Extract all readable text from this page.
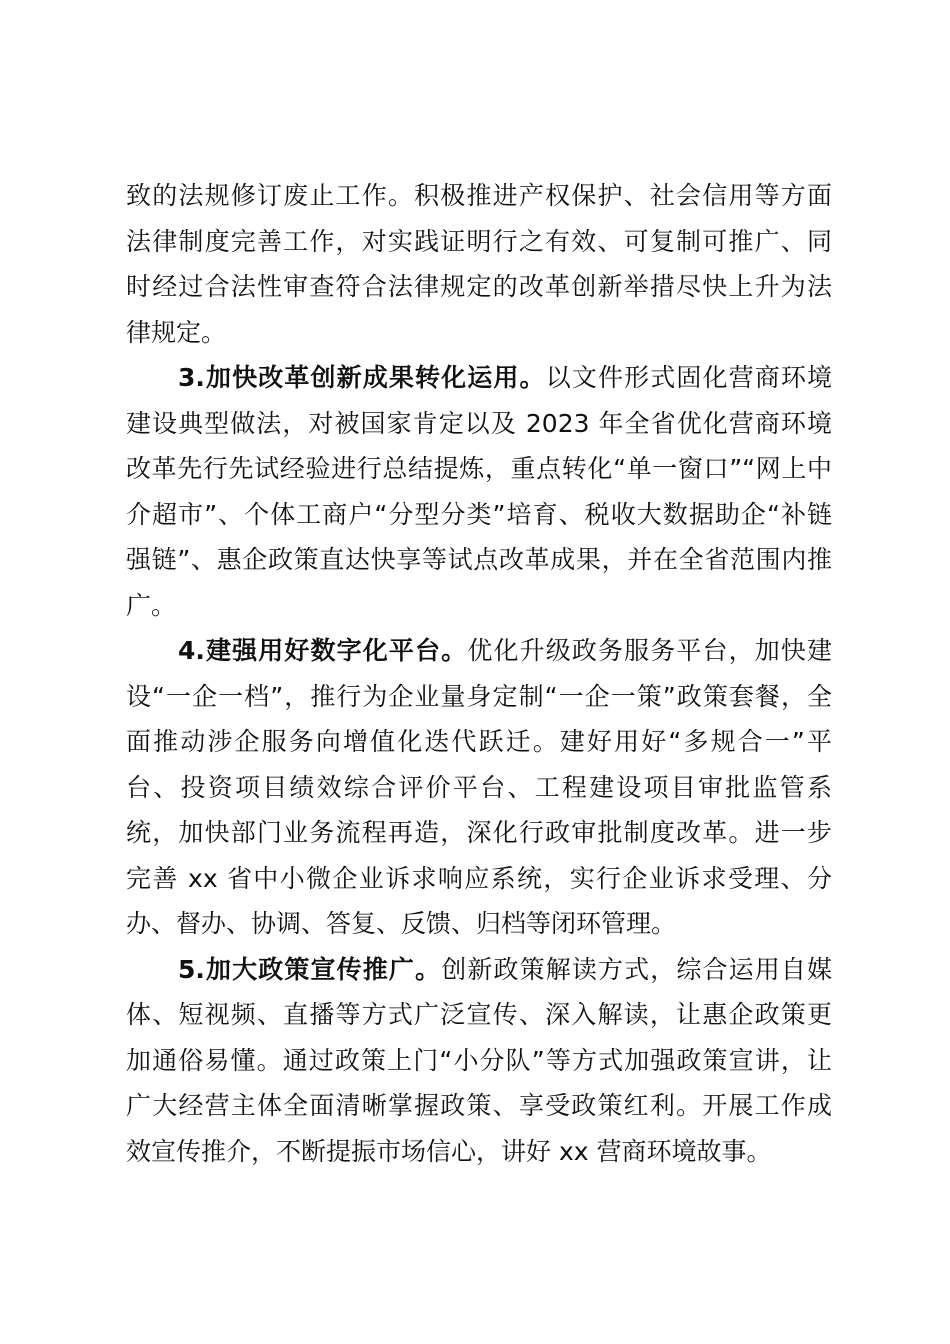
致的法规修订废止工作。积极推进产权保护、社会信用等方面
法律制度完善工作，对实践证明行之有效、可复制可推广、同
时经过合法性审查符合法律规定的改革创新举措尽快上升为法
律规定。
3.加快改革创新成果转化运用。以文件形式固化营商环境
建设典型做法，对被国家肯定以及 2023 年全省优化营商环境
改革先行先试经验进行总结提炼，重点转化“单一窗口”“网上中
介超市”、个体工商户“分型分类”培育、税收大数据助企“补链
强链”、惠企政策直达快享等试点改革成果，并在全省范围内推
广。
4.建强用好数字化平台。优化升级政务服务平台，加快建
设“一企一档”，推行为企业量身定制“一企一策”政策套餐，全
面推动涉企服务向增值化迭代跃迁。建好用好“多规合一”平
台、投资项目绩效综合评价平台、工程建设项目审批监管系
统，加快部门业务流程再造，深化行政审批制度改革。进一步
完善 xx 省中小微企业诉求响应系统，实行企业诉求受理、分
办、督办、协调、答复、反馈、归档等闭环管理。
5.加大政策宣传推广。创新政策解读方式，综合运用自媒
体、短视频、直播等方式广泛宣传、深入解读，让惠企政策更
加通俗易懂。通过政策上门“小分队”等方式加强政策宣讲，让
广大经营主体全面清晰掌握政策、享受政策红利。开展工作成
效宣传推介，不断提振市场信心，讲好 xx 营商环境故事。
